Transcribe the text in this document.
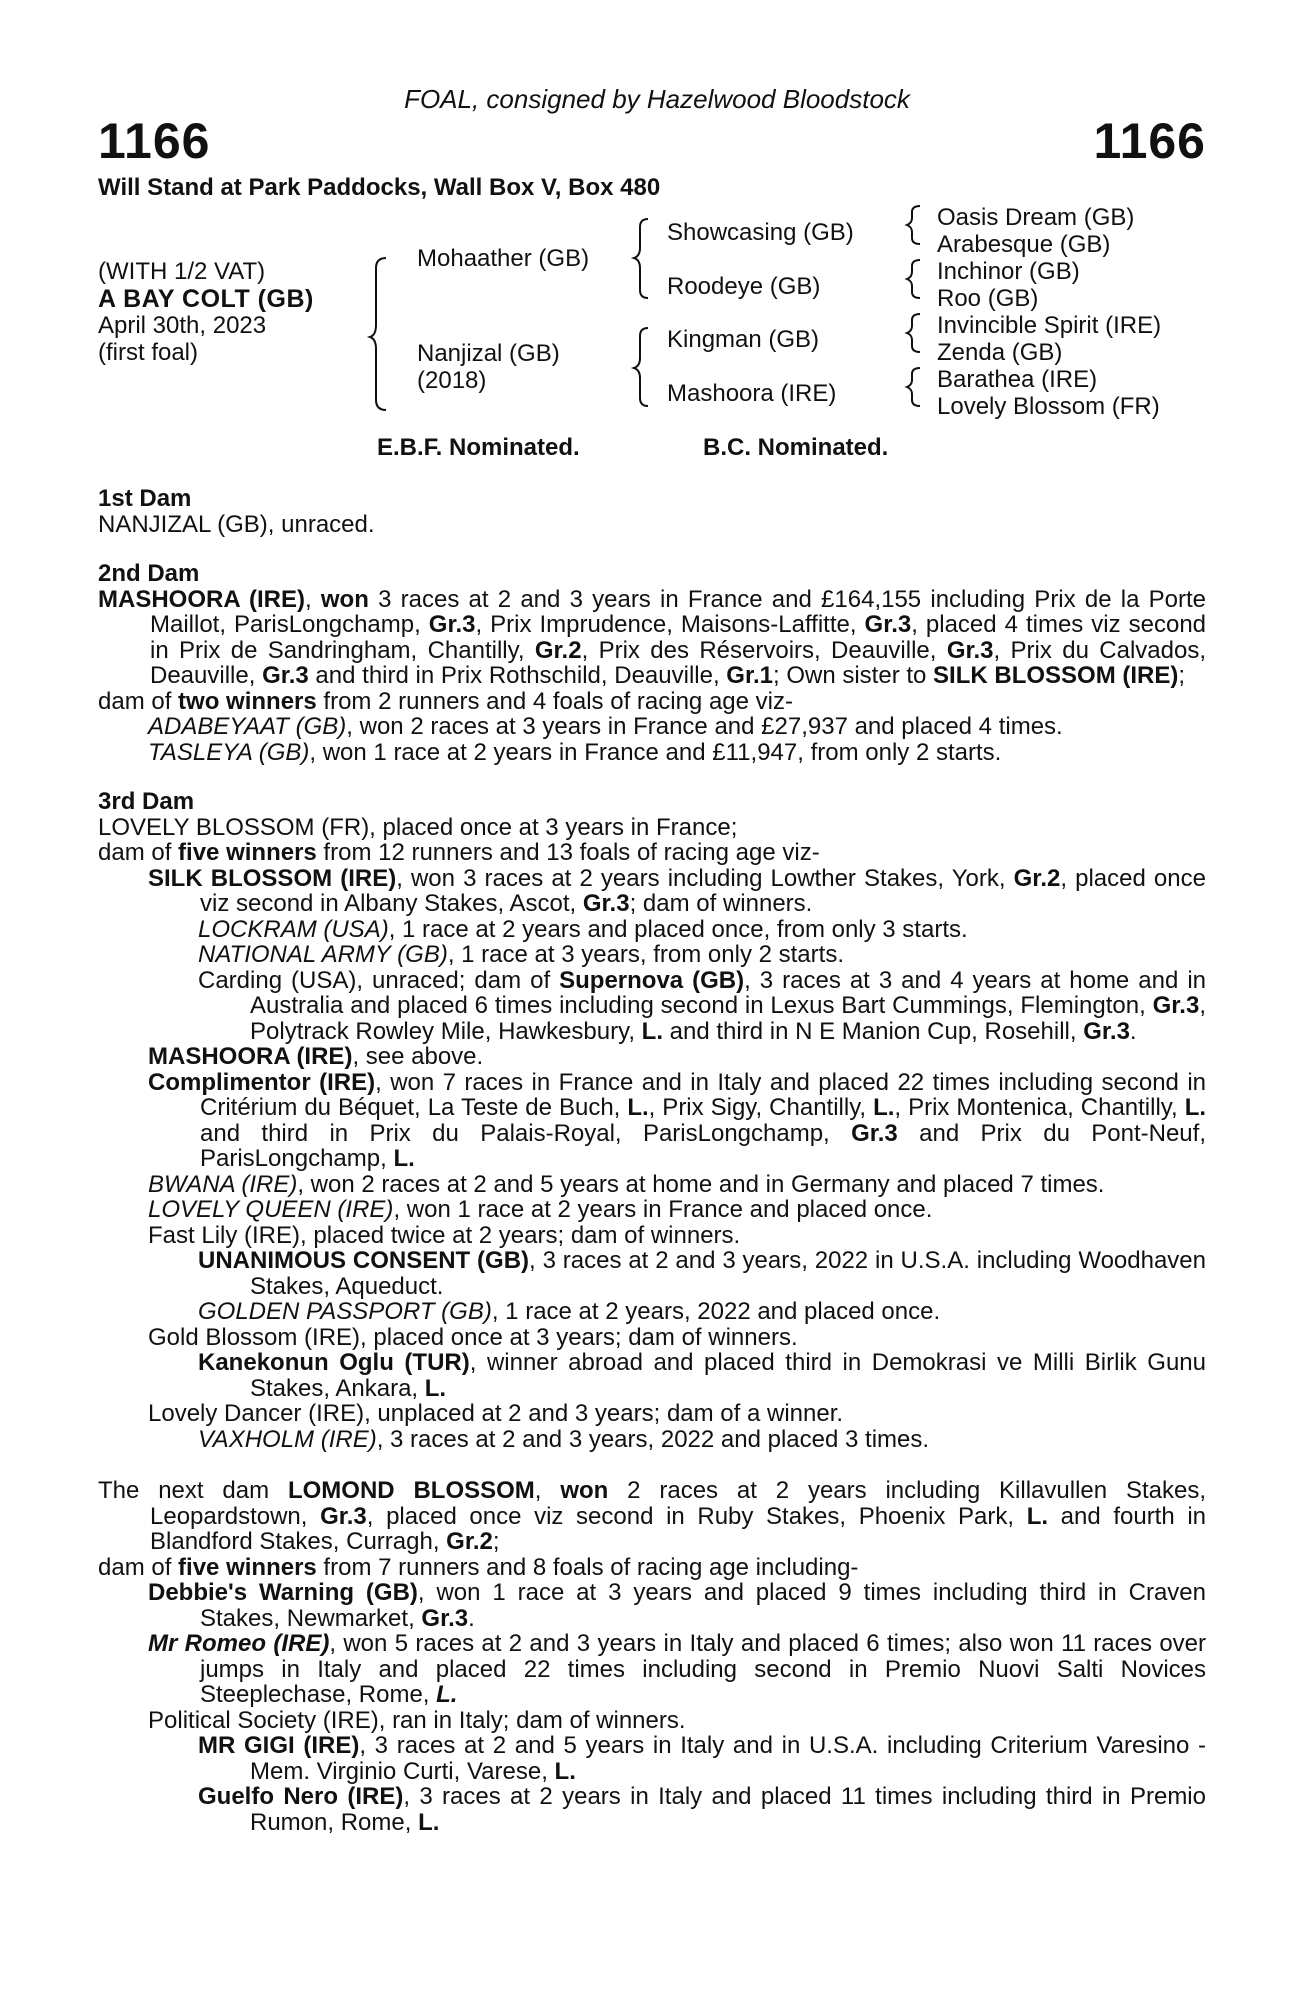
FOAL, consigned by Hazelwood Bloodstock
1166	1166
Will Stand at Park Paddocks, Wall Box V, Box 480
(WITH 1/2 VAT)
A BAY COLT (GB)
April 30th, 2023
(first foal)
Mohaather (GB)
Nanjizal (GB)
(2018)
Showcasing (GB)
Roodeye (GB)
Kingman (GB)
Mashoora (IRE)
Oasis Dream (GB)
Arabesque (GB)
Inchinor (GB)
Roo (GB)
Invincible Spirit (IRE)
Zenda (GB)
Barathea (IRE)
Lovely Blossom (FR)
E.B.F. Nominated.	B.C. Nominated.
1st Dam
NANJIZAL (GB), unraced.
2nd Dam
MASHOORA (IRE), won 3 races at 2 and 3 years in France and £164,155 including Prix de la Porte Maillot, ParisLongchamp, Gr.3, Prix Imprudence, Maisons-Laffitte, Gr.3, placed 4 times viz second in Prix de Sandringham, Chantilly, Gr.2, Prix des Réservoirs, Deauville, Gr.3, Prix du Calvados, Deauville, Gr.3 and third in Prix Rothschild, Deauville, Gr.1; Own sister to SILK BLOSSOM (IRE);
dam of two winners from 2 runners and 4 foals of racing age viz-
ADABEYAAT (GB), won 2 races at 3 years in France and £27,937 and placed 4 times.
TASLEYA (GB), won 1 race at 2 years in France and £11,947, from only 2 starts.
3rd Dam
LOVELY BLOSSOM (FR), placed once at 3 years in France;
dam of five winners from 12 runners and 13 foals of racing age viz-
SILK BLOSSOM (IRE), won 3 races at 2 years including Lowther Stakes, York, Gr.2, placed once viz second in Albany Stakes, Ascot, Gr.3; dam of winners.
LOCKRAM (USA), 1 race at 2 years and placed once, from only 3 starts.
NATIONAL ARMY (GB), 1 race at 3 years, from only 2 starts.
Carding (USA), unraced; dam of Supernova (GB), 3 races at 3 and 4 years at home and in Australia and placed 6 times including second in Lexus Bart Cummings, Flemington, Gr.3, Polytrack Rowley Mile, Hawkesbury, L. and third in N E Manion Cup, Rosehill, Gr.3.
MASHOORA (IRE), see above.
Complimentor (IRE), won 7 races in France and in Italy and placed 22 times including second in Critérium du Béquet, La Teste de Buch, L., Prix Sigy, Chantilly, L., Prix Montenica, Chantilly, L. and third in Prix du Palais-Royal, ParisLongchamp, Gr.3 and Prix du Pont-Neuf, ParisLongchamp, L.
BWANA (IRE), won 2 races at 2 and 5 years at home and in Germany and placed 7 times.
LOVELY QUEEN (IRE), won 1 race at 2 years in France and placed once.
Fast Lily (IRE), placed twice at 2 years; dam of winners.
UNANIMOUS CONSENT (GB), 3 races at 2 and 3 years, 2022 in U.S.A. including Woodhaven Stakes, Aqueduct.
GOLDEN PASSPORT (GB), 1 race at 2 years, 2022 and placed once.
Gold Blossom (IRE), placed once at 3 years; dam of winners.
Kanekonun Oglu (TUR), winner abroad and placed third in Demokrasi ve Milli Birlik Gunu Stakes, Ankara, L.
Lovely Dancer (IRE), unplaced at 2 and 3 years; dam of a winner.
VAXHOLM (IRE), 3 races at 2 and 3 years, 2022 and placed 3 times.
The next dam LOMOND BLOSSOM, won 2 races at 2 years including Killavullen Stakes, Leopardstown, Gr.3, placed once viz second in Ruby Stakes, Phoenix Park, L. and fourth in Blandford Stakes, Curragh, Gr.2;
dam of five winners from 7 runners and 8 foals of racing age including-
Debbie's Warning (GB), won 1 race at 3 years and placed 9 times including third in Craven Stakes, Newmarket, Gr.3.
Mr Romeo (IRE), won 5 races at 2 and 3 years in Italy and placed 6 times; also won 11 races over jumps in Italy and placed 22 times including second in Premio Nuovi Salti Novices Steeplechase, Rome, L.
Political Society (IRE), ran in Italy; dam of winners.
MR GIGI (IRE), 3 races at 2 and 5 years in Italy and in U.S.A. including Criterium Varesino - Mem. Virginio Curti, Varese, L.
Guelfo Nero (IRE), 3 races at 2 years in Italy and placed 11 times including third in Premio Rumon, Rome, L.
